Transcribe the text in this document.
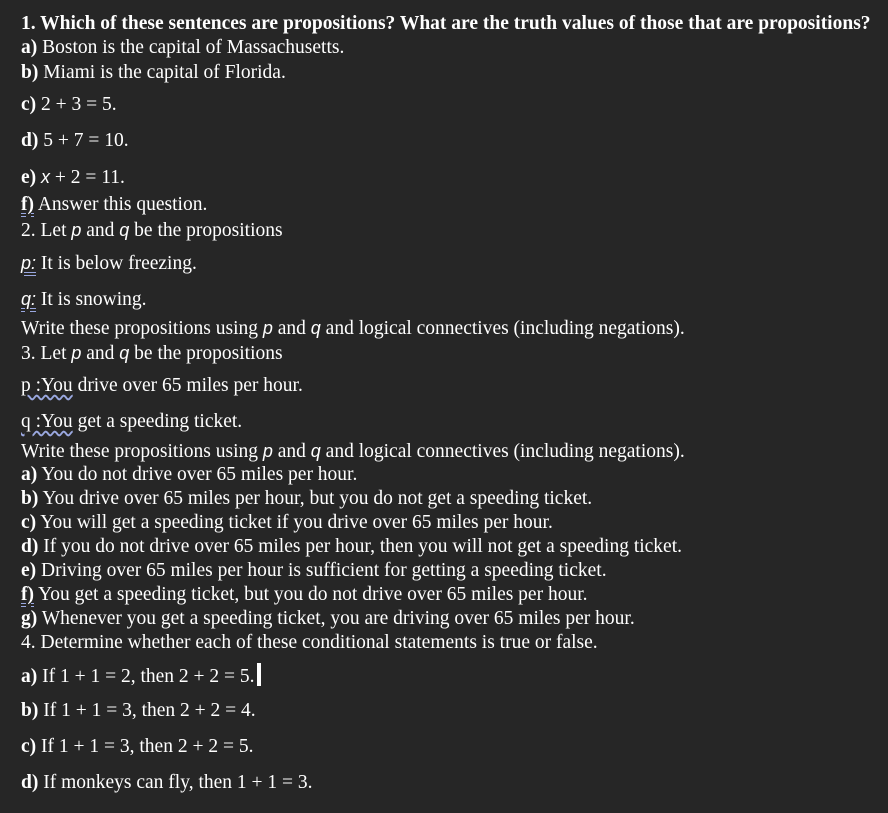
1. Which of these sentences are propositions? What are the truth values of those that are propositions?
a) Boston is the capital of Massachusetts.
b) Miami is the capital of Florida.
c) 2 + 3 = 5.
d) 5 + 7 = 10.
e) x + 2 = 11.
f) Answer this question.
2. Let p and q be the propositions
p: It is below freezing.
q: It is snowing.
Write these propositions using p and q and logical connectives (including negations).
3. Let p and q be the propositions
p :You drive over 65 miles per hour.
q :You get a speeding ticket.
Write these propositions using p and q and logical connectives (including negations).
a) You do not drive over 65 miles per hour.
b) You drive over 65 miles per hour, but you do not get a speeding ticket.
c) You will get a speeding ticket if you drive over 65 miles per hour.
d) If you do not drive over 65 miles per hour, then you will not get a speeding ticket.
e) Driving over 65 miles per hour is sufficient for getting a speeding ticket.
f) You get a speeding ticket, but you do not drive over 65 miles per hour.
g) Whenever you get a speeding ticket, you are driving over 65 miles per hour.
4. Determine whether each of these conditional statements is true or false.
a) If 1 + 1 = 2, then 2 + 2 = 5.
b) If 1 + 1 = 3, then 2 + 2 = 4.
c) If 1 + 1 = 3, then 2 + 2 = 5.
d) If monkeys can fly, then 1 + 1 = 3.
